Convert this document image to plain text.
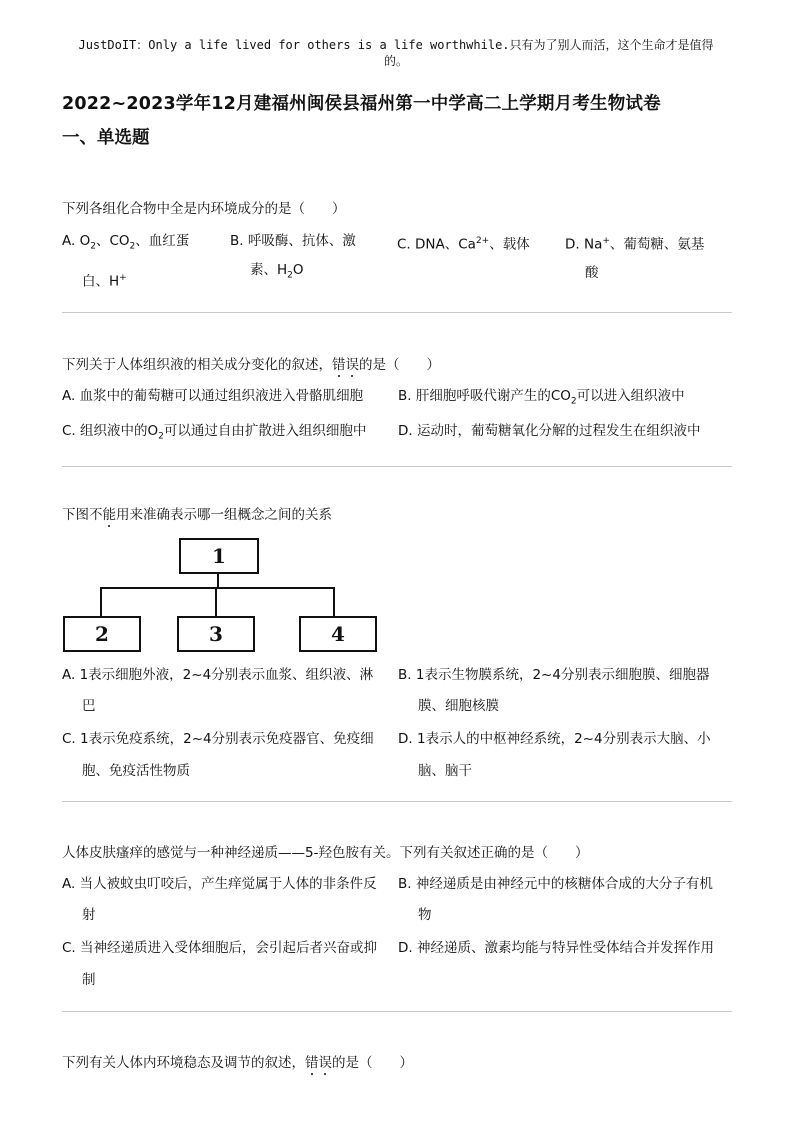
JustDoIT：Only a life lived for others is a life worthwhile.只有为了别人而活，这个生命才是值得
的。
2022~2023学年12月建福州闽侯县福州第一中学高二上学期月考生物试卷
一、单选题
下列各组化合物中全是内环境成分的是（　　）
A. $O_2$、$CO_2$、血红蛋
白、H+
B. 呼吸酶、抗体、激
素、$H_2O$
C. DNA、$Ca^{2+}$、载体	D. Na+、葡萄糖、氨基
酸
下列关于人体组织液的相关成分变化的叙述，错误的是（　　）
A. 血浆中的葡萄糖可以通过组织液进入骨骼肌细胞	B. 肝细胞呼吸代谢产生的$CO_2$可以进入组织液中
C. 组织液中的$O_2$可以通过自由扩散进入组织细胞中 D. 运动时，葡萄糖氧化分解的过程发生在组织液中
下图不能用来准确表示哪一组概念之间的关系
1
2	3	4
A. 1表示细胞外液，2~4分别表示血浆、组织液、淋
巴
B. 1表示生物膜系统，2~4分别表示细胞膜、细胞器
膜、细胞核膜
C. 1表示免疫系统，2~4分别表示免疫器官、免疫细
胞、免疫活性物质
D. 1表示人的中枢神经系统，2~4分别表示大脑、小
脑、脑干
人体皮肤瘙痒的感觉与一种神经递质——5-羟色胺有关。下列有关叙述正确的是（　　）
A. 当人被蚊虫叮咬后，产生痒觉属于人体的非条件反
射
B. 神经递质是由神经元中的核糖体合成的大分子有机
物
C. 当神经递质进入受体细胞后，会引起后者兴奋或抑
制
D. 神经递质、激素均能与特异性受体结合并发挥作用
下列有关人体内环境稳态及调节的叙述，错误的是（　　）
